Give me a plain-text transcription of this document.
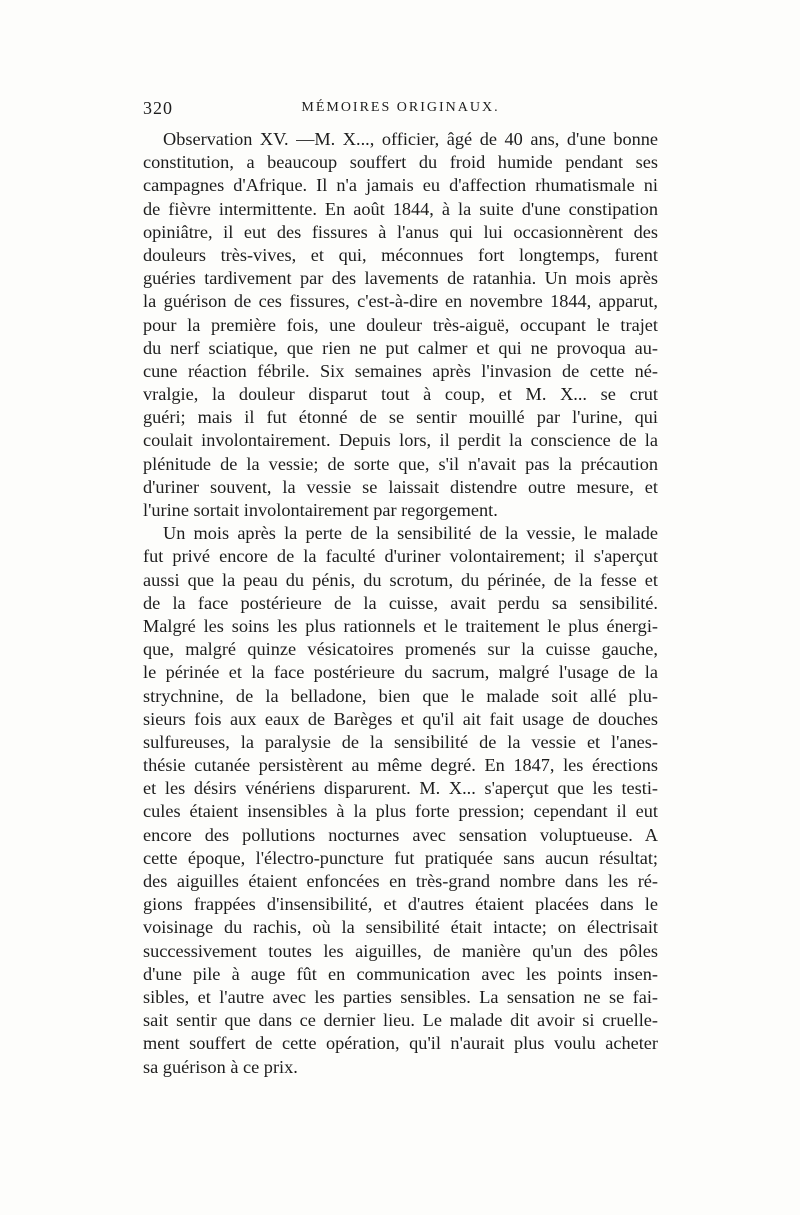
320	MÉMOIRES ORIGINAUX.
Observation XV. —M. X..., officier, âgé de 40 ans, d'une bonne
constitution, a beaucoup souffert du froid humide pendant ses
campagnes d'Afrique. Il n'a jamais eu d'affection rhumatismale ni
de fièvre intermittente. En août 1844, à la suite d'une constipation
opiniâtre, il eut des fissures à l'anus qui lui occasionnèrent des
douleurs très-vives, et qui, méconnues fort longtemps, furent
guéries tardivement par des lavements de ratanhia. Un mois après
la guérison de ces fissures, c'est-à-dire en novembre 1844, apparut,
pour la première fois, une douleur très-aiguë, occupant le trajet
du nerf sciatique, que rien ne put calmer et qui ne provoqua au-
cune réaction fébrile. Six semaines après l'invasion de cette né-
vralgie, la douleur disparut tout à coup, et M. X... se crut
guéri; mais il fut étonné de se sentir mouillé par l'urine, qui
coulait involontairement. Depuis lors, il perdit la conscience de la
plénitude de la vessie; de sorte que, s'il n'avait pas la précaution
d'uriner souvent, la vessie se laissait distendre outre mesure, et
l'urine sortait involontairement par regorgement.
Un mois après la perte de la sensibilité de la vessie, le malade
fut privé encore de la faculté d'uriner volontairement; il s'aperçut
aussi que la peau du pénis, du scrotum, du périnée, de la fesse et
de la face postérieure de la cuisse, avait perdu sa sensibilité.
Malgré les soins les plus rationnels et le traitement le plus énergi-
que, malgré quinze vésicatoires promenés sur la cuisse gauche,
le périnée et la face postérieure du sacrum, malgré l'usage de la
strychnine, de la belladone, bien que le malade soit allé plu-
sieurs fois aux eaux de Barèges et qu'il ait fait usage de douches
sulfureuses, la paralysie de la sensibilité de la vessie et l'anes-
thésie cutanée persistèrent au même degré. En 1847, les érections
et les désirs vénériens disparurent. M. X... s'aperçut que les testi-
cules étaient insensibles à la plus forte pression; cependant il eut
encore des pollutions nocturnes avec sensation voluptueuse. A
cette époque, l'électro-puncture fut pratiquée sans aucun résultat;
des aiguilles étaient enfoncées en très-grand nombre dans les ré-
gions frappées d'insensibilité, et d'autres étaient placées dans le
voisinage du rachis, où la sensibilité était intacte; on électrisait
successivement toutes les aiguilles, de manière qu'un des pôles
d'une pile à auge fût en communication avec les points insen-
sibles, et l'autre avec les parties sensibles. La sensation ne se fai-
sait sentir que dans ce dernier lieu. Le malade dit avoir si cruelle-
ment souffert de cette opération, qu'il n'aurait plus voulu acheter
sa guérison à ce prix.
